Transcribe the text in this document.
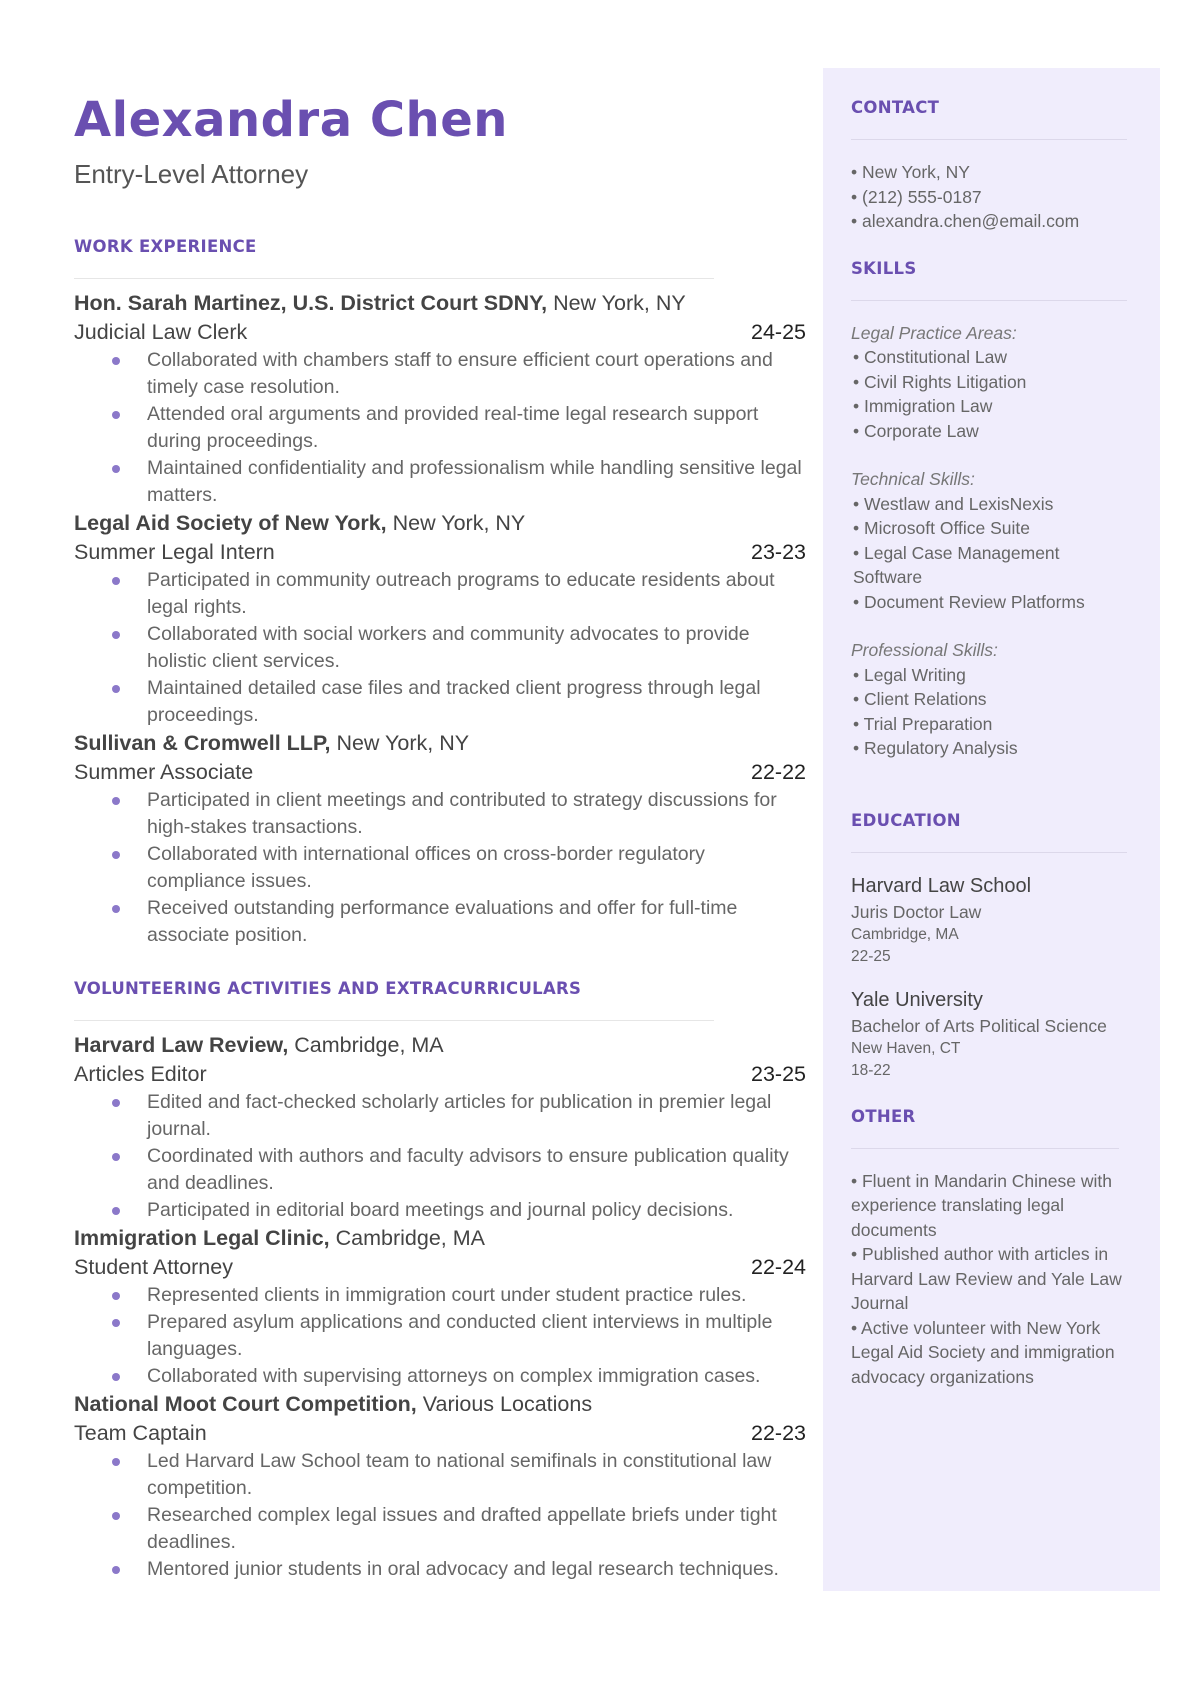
Alexandra Chen
Entry-Level Attorney
WORK EXPERIENCE
Hon. Sarah Martinez, U.S. District Court SDNY, New York, NY
Judicial Law Clerk	24-25
Collaborated with chambers staff to ensure efficient court operations and timely case resolution.
Attended oral arguments and provided real-time legal research support during proceedings.
Maintained confidentiality and professionalism while handling sensitive legal matters.
Legal Aid Society of New York, New York, NY
Summer Legal Intern	23-23
Participated in community outreach programs to educate residents about legal rights.
Collaborated with social workers and community advocates to provide holistic client services.
Maintained detailed case files and tracked client progress through legal proceedings.
Sullivan & Cromwell LLP, New York, NY
Summer Associate	22-22
Participated in client meetings and contributed to strategy discussions for high-stakes transactions.
Collaborated with international offices on cross-border regulatory compliance issues.
Received outstanding performance evaluations and offer for full-time associate position.
VOLUNTEERING ACTIVITIES AND EXTRACURRICULARS
Harvard Law Review, Cambridge, MA
Articles Editor	23-25
Edited and fact-checked scholarly articles for publication in premier legal journal.
Coordinated with authors and faculty advisors to ensure publication quality and deadlines.
Participated in editorial board meetings and journal policy decisions.
Immigration Legal Clinic, Cambridge, MA
Student Attorney	22-24
Represented clients in immigration court under student practice rules.
Prepared asylum applications and conducted client interviews in multiple languages.
Collaborated with supervising attorneys on complex immigration cases.
National Moot Court Competition, Various Locations
Team Captain	22-23
Led Harvard Law School team to national semifinals in constitutional law competition.
Researched complex legal issues and drafted appellate briefs under tight deadlines.
Mentored junior students in oral advocacy and legal research techniques.
CONTACT
• New York, NY
• (212) 555-0187
• alexandra.chen@email.com
SKILLS
Legal Practice Areas:
• Constitutional Law
• Civil Rights Litigation
• Immigration Law
• Corporate Law
Technical Skills:
• Westlaw and LexisNexis
• Microsoft Office Suite
• Legal Case Management Software
• Document Review Platforms
Professional Skills:
• Legal Writing
• Client Relations
• Trial Preparation
• Regulatory Analysis
EDUCATION
Harvard Law School
Juris Doctor Law
Cambridge, MA
22-25
Yale University
Bachelor of Arts Political Science
New Haven, CT
18-22
OTHER
• Fluent in Mandarin Chinese with experience translating legal documents
• Published author with articles in Harvard Law Review and Yale Law Journal
• Active volunteer with New York Legal Aid Society and immigration advocacy organizations
